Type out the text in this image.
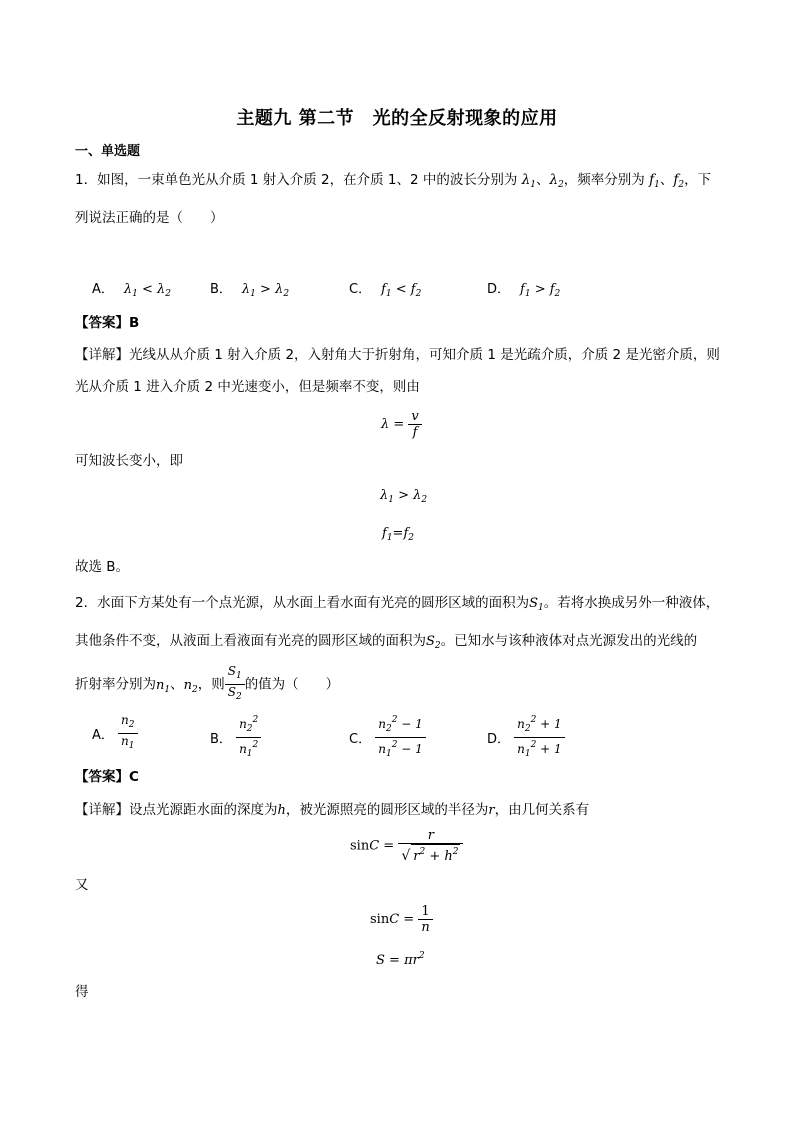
主题九 第二节　光的全反射现象的应用
一、单选题
1．如图，一束单色光从介质 1 射入介质 2，在介质 1、2 中的波长分别为 $\lambda_1$、$\lambda_2$，频率分别为 $f_1$、$f_2$，下
列说法正确的是（　　）
A． $\lambda_1 < \lambda_2$	B． $\lambda_1 > \lambda_2$	C． $f_1 < f_2$	D． $f_1 > f_2$
【答案】B
【详解】光线从从介质 1 射入介质 2，入射角大于折射角，可知介质 1 是光疏介质，介质 2 是光密介质，则
光从介质 1 进入介质 2 中光速变小，但是频率不变，则由
$\lambda = \frac{v}{f}$
可知波长变小，即
$\lambda_1 > \lambda_2$
$f_1=f_2$
故选 B。
2．水面下方某处有一个点光源，从水面上看水面有光亮的圆形区域的面积为$S_1$。若将水换成另外一种液体，
其他条件不变，从液面上看液面有光亮的圆形区域的面积为$S_2$。已知水与该种液体对点光源发出的光线的
折射率分别为$n_1$、$n_2$，则 $\frac{S_1}{S_2}$ 的值为（　　）
A． $\frac{n_2}{n_1}$	B． $\frac{n_2^2}{n_1^2}$	C． $\frac{n_2^2 - 1}{n_1^2 - 1}$	D． $\frac{n_2^2 + 1}{n_1^2 + 1}$
【答案】C
【详解】设点光源距水面的深度为h，被光源照亮的圆形区域的半径为r，由几何关系有
$\sin C = \frac{r}{√ r^2 + h^2}$
又
$\sin C = \frac{1}{n}$
$S = \pi r^2$
得
